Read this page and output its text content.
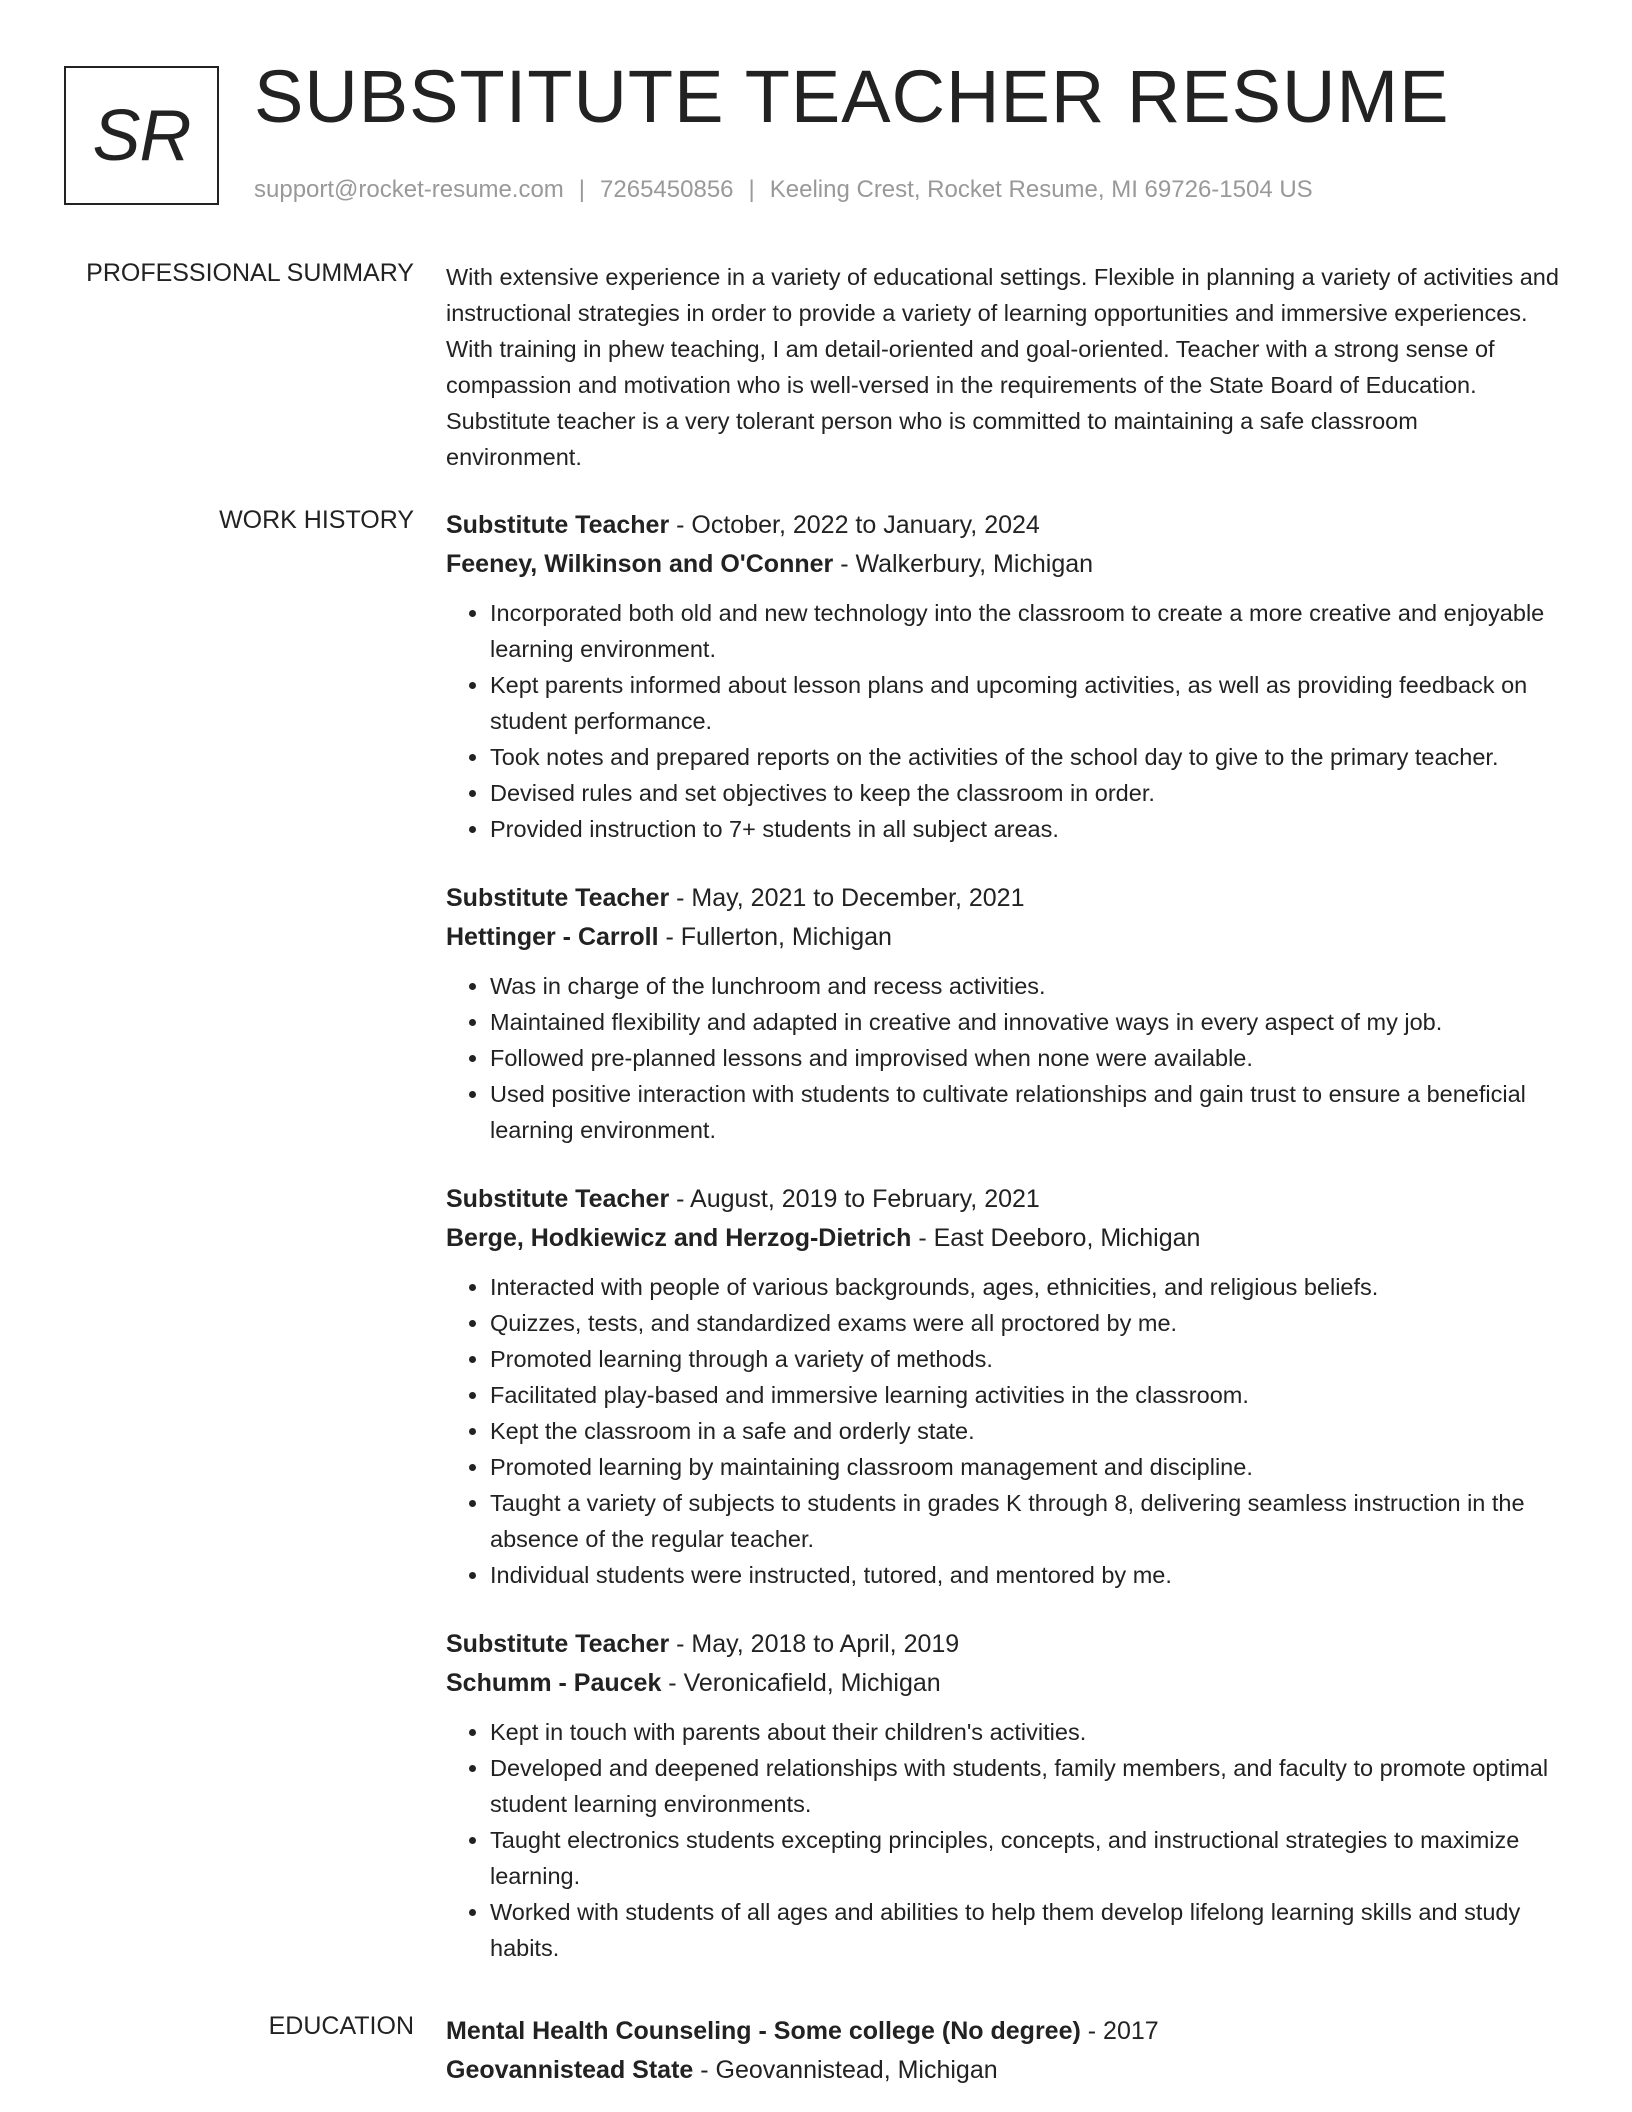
SR SUBSTITUTE TEACHER RESUME
support@rocket-resume.com | 7265450856 | Keeling Crest, Rocket Resume, MI 69726-1504 US
PROFESSIONAL SUMMARY With extensive experience in a variety of educational settings. Flexible in planning a variety of activities and instructional strategies in order to provide a variety of learning opportunities and immersive experiences. With training in phew teaching, I am detail-oriented and goal-oriented. Teacher with a strong sense of compassion and motivation who is well-versed in the requirements of the State Board of Education. Substitute teacher is a very tolerant person who is committed to maintaining a safe classroom environment.

WORK HISTORY Substitute Teacher - October, 2022 to January, 2024
Feeney, Wilkinson and O'Conner - Walkerbury, Michigan
• Incorporated both old and new technology into the classroom to create a more creative and enjoyable learning environment.
• Kept parents informed about lesson plans and upcoming activities, as well as providing feedback on student performance.
• Took notes and prepared reports on the activities of the school day to give to the primary teacher.
• Devised rules and set objectives to keep the classroom in order.
• Provided instruction to 7+ students in all subject areas.
Substitute Teacher - May, 2021 to December, 2021
Hettinger - Carroll - Fullerton, Michigan
• Was in charge of the lunchroom and recess activities.
• Maintained flexibility and adapted in creative and innovative ways in every aspect of my job.
• Followed pre-planned lessons and improvised when none were available.
• Used positive interaction with students to cultivate relationships and gain trust to ensure a beneficial learning environment.
Substitute Teacher - August, 2019 to February, 2021
Berge, Hodkiewicz and Herzog-Dietrich - East Deeboro, Michigan
• Interacted with people of various backgrounds, ages, ethnicities, and religious beliefs.
• Quizzes, tests, and standardized exams were all proctored by me.
• Promoted learning through a variety of methods.
• Facilitated play-based and immersive learning activities in the classroom.
• Kept the classroom in a safe and orderly state.
• Promoted learning by maintaining classroom management and discipline.
• Taught a variety of subjects to students in grades K through 8, delivering seamless instruction in the absence of the regular teacher.
• Individual students were instructed, tutored, and mentored by me.
Substitute Teacher - May, 2018 to April, 2019
Schumm - Paucek - Veronicafield, Michigan
• Kept in touch with parents about their children's activities.
• Developed and deepened relationships with students, family members, and faculty to promote optimal student learning environments.
• Taught electronics students excepting principles, concepts, and instructional strategies to maximize learning.
• Worked with students of all ages and abilities to help them develop lifelong learning skills and study habits.
EDUCATION Mental Health Counseling - Some college (No degree) - 2017
Geovannistead State - Geovannistead, Michigan
